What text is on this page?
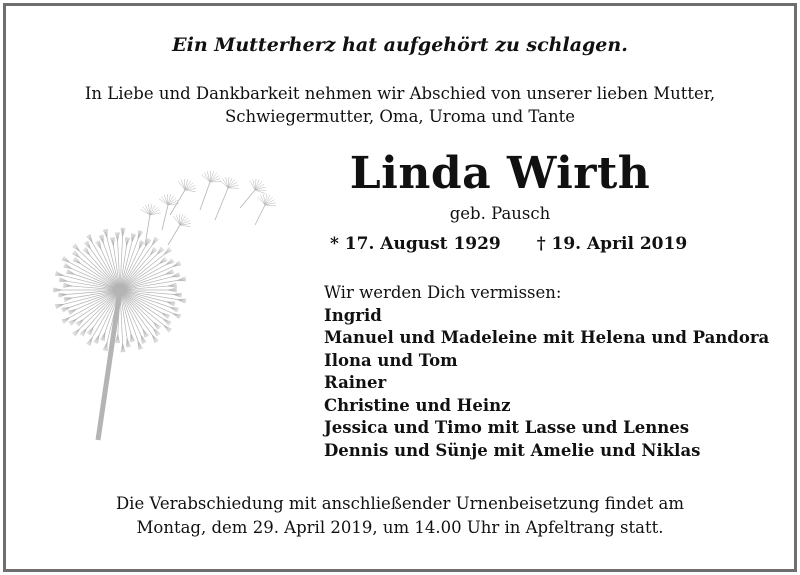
Ein Mutterherz hat aufgehört zu schlagen.
In Liebe und Dankbarkeit nehmen wir Abschied von unserer lieben Mutter,
Schwiegermutter, Oma, Uroma und Tante
Linda Wirth
geb. Pausch
* 17. August 1929 † 19. April 2019
Wir werden Dich vermissen:
Ingrid
Manuel und Madeleine mit Helena und Pandora
Ilona und Tom
Rainer
Christine und Heinz
Jessica und Timo mit Lasse und Lennes
Dennis und Sünje mit Amelie und Niklas
Die Verabschiedung mit anschließender Urnenbeisetzung findet am
Montag, dem 29. April 2019, um 14.00 Uhr in Apfeltrang statt.
